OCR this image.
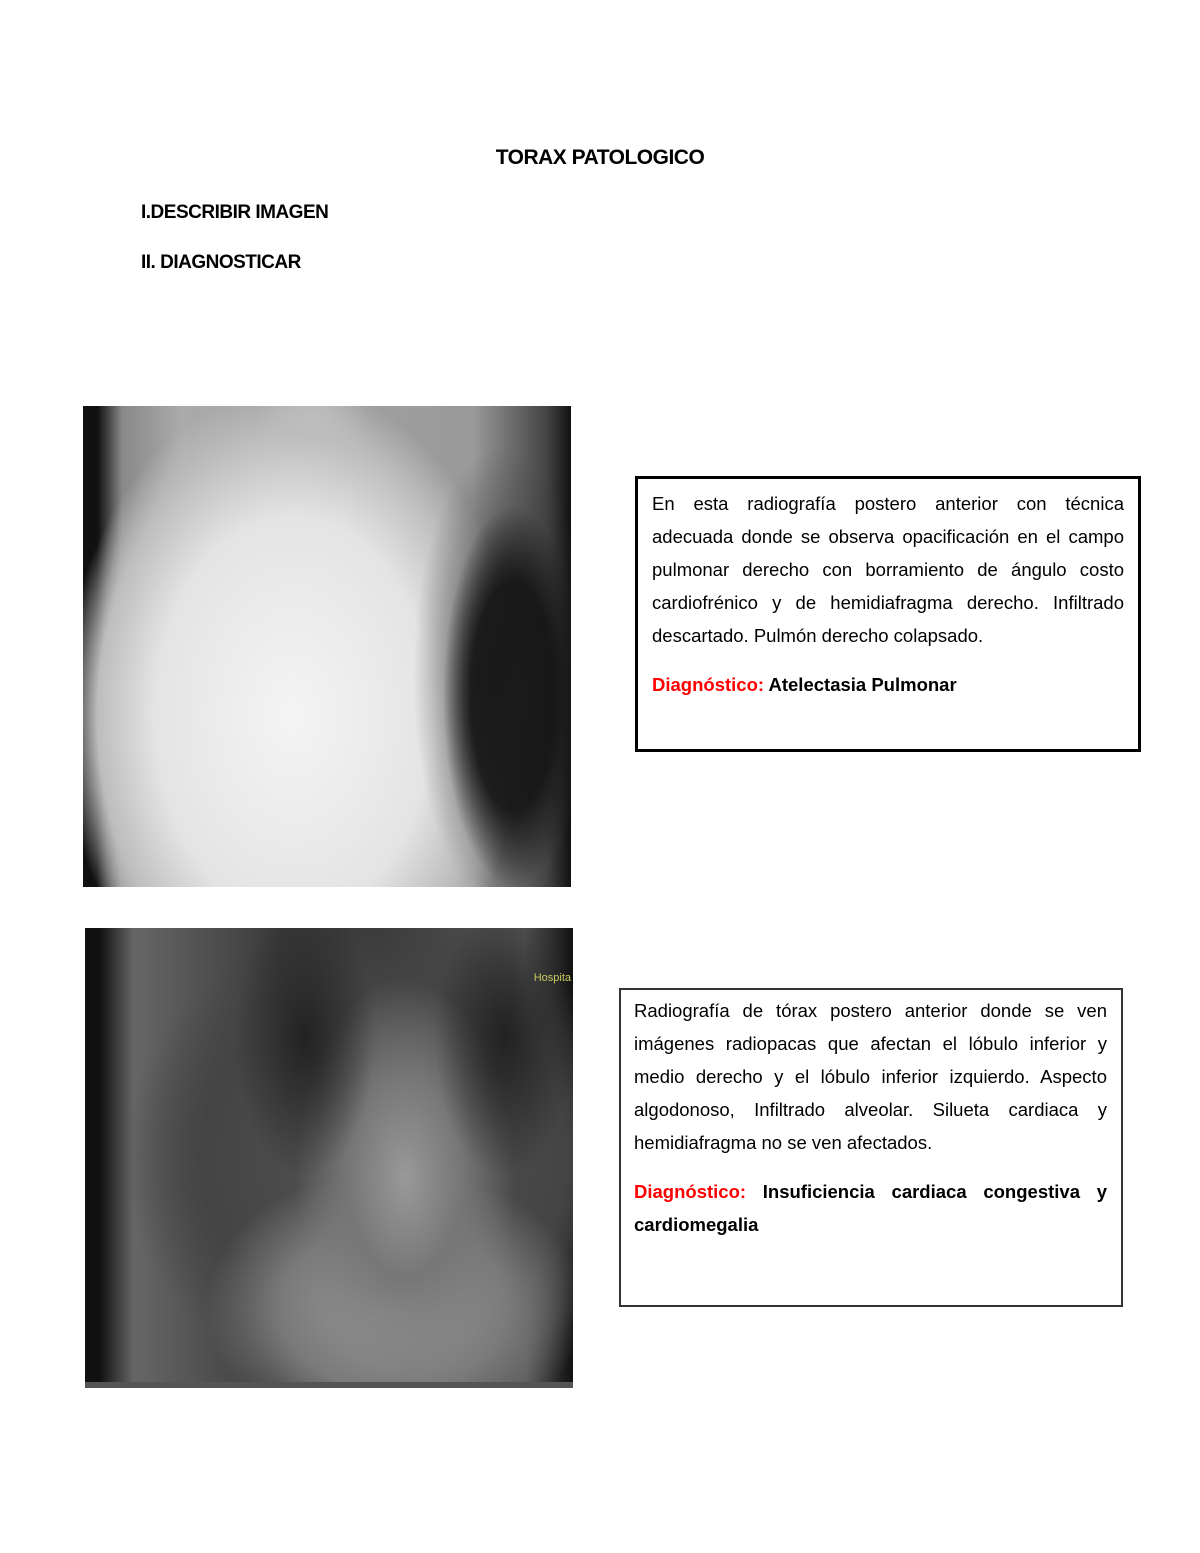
TORAX PATOLOGICO
I.DESCRIBIR IMAGEN
II. DIAGNOSTICAR

En esta radiografía postero anterior con técnica adecuada donde se observa opacificación en el campo pulmonar derecho con borramiento de ángulo costo cardiofrénico y de hemidiafragma derecho. Infiltrado descartado. Pulmón derecho colapsado.

Diagnóstico: Atelectasia Pulmonar

Hospita

Radiografía de tórax postero anterior donde se ven imágenes radiopacas que afectan el lóbulo inferior y medio derecho y el lóbulo inferior izquierdo. Aspecto algodonoso, Infiltrado alveolar. Silueta cardiaca y hemidiafragma no se ven afectados.

Diagnóstico: Insuficiencia cardiaca congestiva y cardiomegalia
